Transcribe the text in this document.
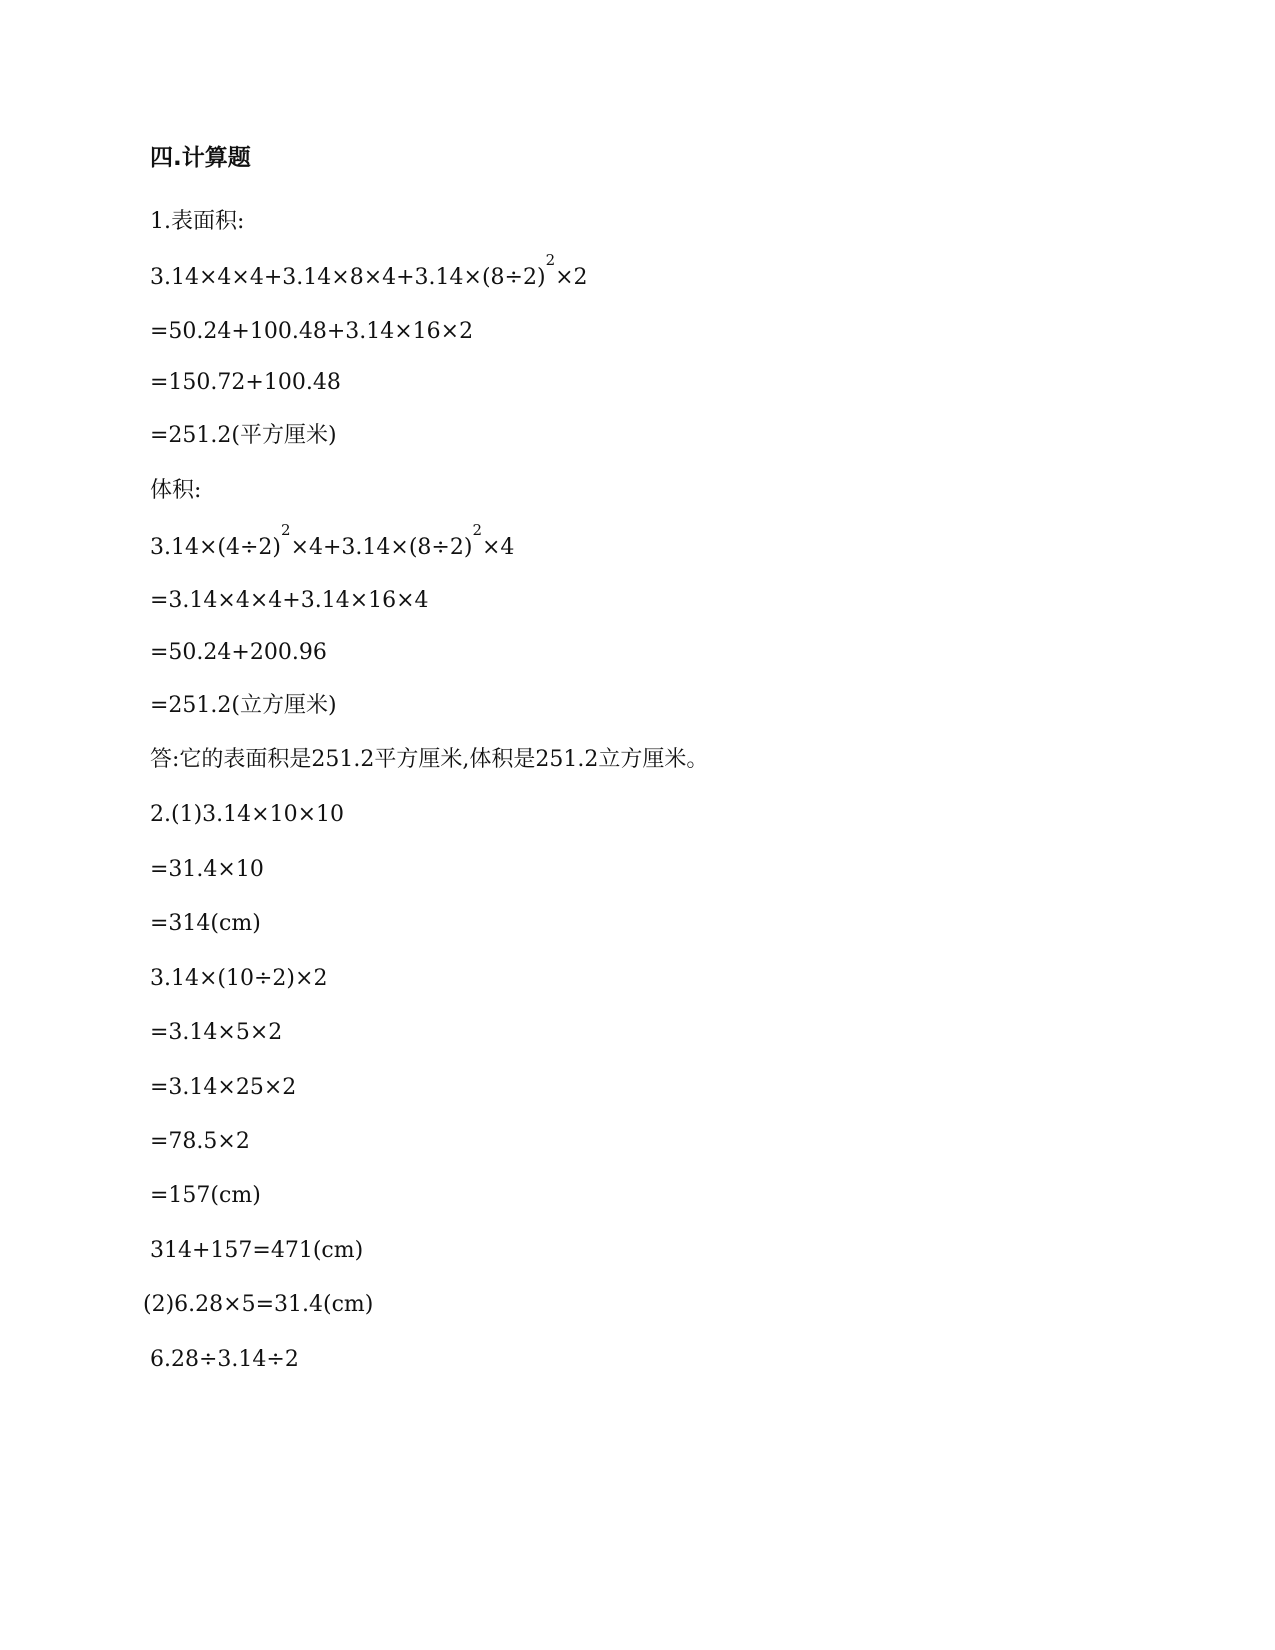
四.计算题
1.表面积:
$3.14\times 4\times 4+3.14\times 8\times 4+3.14\times(8\div 2)^2\times 2$
=50.24+100.48+3.14×16×2
=150.72+100.48
=251.2(平方厘米)
体积:
$3.14\times(4\div 2)^2\times 4+3.14\times(8\div 2)^2\times 4$
=3.14×4×4+3.14×16×4
=50.24+200.96
=251.2(立方厘米)
答:它的表面积是251.2平方厘米,体积是251.2立方厘米。
2.(1)3.14×10×10
=31.4×10
=314(cm)
3.14×(10÷2)×2
=3.14×5×2
=3.14×25×2
=78.5×2
=157(cm)
314+157=471(cm)
(2)6.28×5=31.4(cm)
6.28÷3.14÷2
